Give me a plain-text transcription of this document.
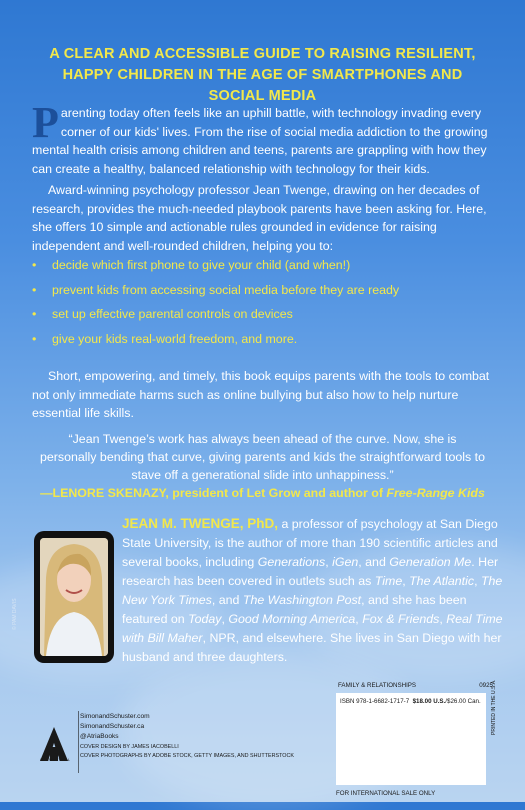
A CLEAR AND ACCESSIBLE GUIDE TO RAISING RESILIENT, HAPPY CHILDREN IN THE AGE OF SMARTPHONES AND SOCIAL MEDIA
Parenting today often feels like an uphill battle, with technology invading every corner of our kids' lives. From the rise of social media addiction to the growing mental health crisis among children and teens, parents are grappling with how they can create a healthy, balanced relationship with technology for their kids.
Award-winning psychology professor Jean Twenge, drawing on her decades of research, provides the much-needed playbook parents have been asking for. Here, she offers 10 simple and actionable rules grounded in evidence for raising independent and well-rounded children, helping you to:
• decide which first phone to give your child (and when!)
• prevent kids from accessing social media before they are ready
• set up effective parental controls on devices
• give your kids real-world freedom, and more.
Short, empowering, and timely, this book equips parents with the tools to combat not only immediate harms such as online bullying but also how to help nurture essential life skills.
“Jean Twenge’s work has always been ahead of the curve. Now, she is personally bending that curve, giving parents and kids the straightforward tools to stave off a generational slide into unhappiness.”
—LENORE SKENAZY, president of Let Grow and author of Free-Range Kids
© PAM DAVIS
JEAN M. TWENGE, PhD, a professor of psychology at San Diego State University, is the author of more than 190 scientific articles and several books, including Generations, iGen, and Generation Me. Her research has been covered in outlets such as Time, The Atlantic, The New York Times, and The Washington Post, and she has been featured on Today, Good Morning America, Fox & Friends, Real Time with Bill Maher, NPR, and elsewhere. She lives in San Diego with her husband and three daughters.
ATRIA
INTERNATIONAL
SimonandSchuster.com
SimonandSchuster.ca
@AtriaBooks
COVER DESIGN BY JAMES IACOBELLI
COVER PHOTOGRAPHS BY ADOBE STOCK, GETTY IMAGES, AND SHUTTERSTOCK
FAMILY & RELATIONSHIPS	0925
ISBN 978-1-6682-1717-7 $18.00 U.S./$26.00 Can. PRINTED IN THE U.S.A.
FOR INTERNATIONAL SALE ONLY
